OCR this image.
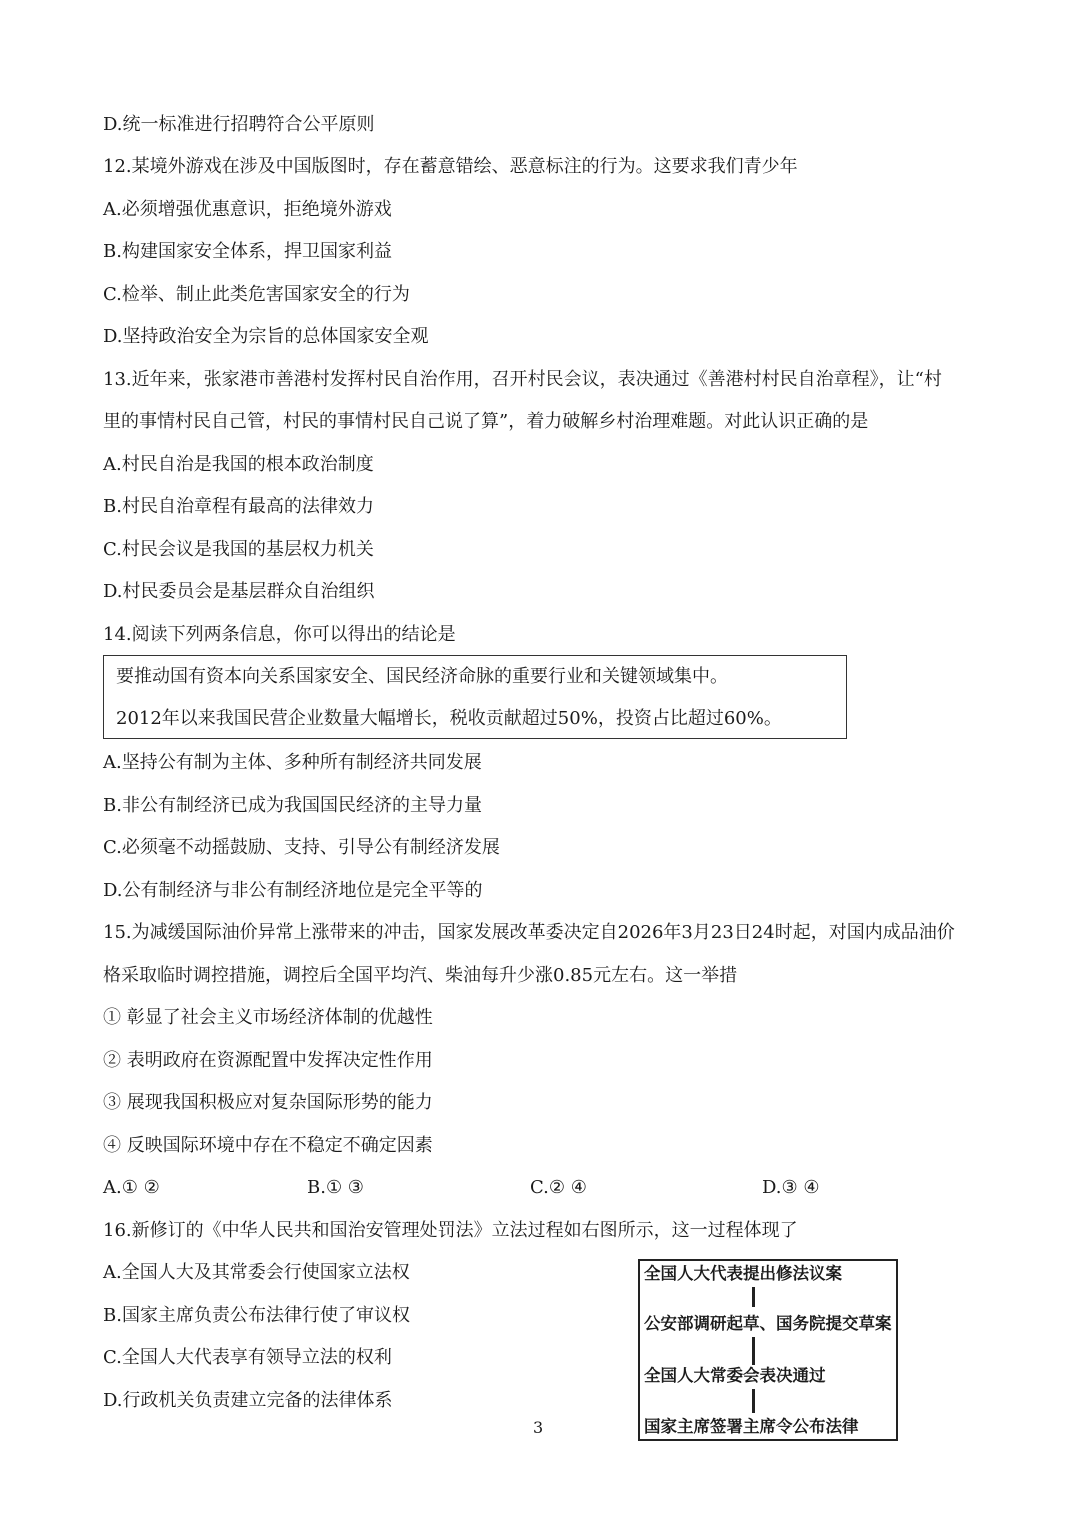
D.统一标准进行招聘符合公平原则
12.某境外游戏在涉及中国版图时，存在蓄意错绘、恶意标注的行为。这要求我们青少年
A.必须增强优惠意识，拒绝境外游戏
B.构建国家安全体系，捍卫国家利益
C.检举、制止此类危害国家安全的行为
D.坚持政治安全为宗旨的总体国家安全观
13.近年来，张家港市善港村发挥村民自治作用，召开村民会议，表决通过《善港村村民自治章程》，让“村
里的事情村民自己管，村民的事情村民自己说了算”，着力破解乡村治理难题。对此认识正确的是
A.村民自治是我国的根本政治制度
B.村民自治章程有最高的法律效力
C.村民会议是我国的基层权力机关
D.村民委员会是基层群众自治组织
14.阅读下列两条信息，你可以得出的结论是
要推动国有资本向关系国家安全、国民经济命脉的重要行业和关键领域集中。
2012年以来我国民营企业数量大幅增长，税收贡献超过50%，投资占比超过60%。
A.坚持公有制为主体、多种所有制经济共同发展
B.非公有制经济已成为我国国民经济的主导力量
C.必须毫不动摇鼓励、支持、引导公有制经济发展
D.公有制经济与非公有制经济地位是完全平等的
15.为减缓国际油价异常上涨带来的冲击，国家发展改革委决定自2026年3月23日24时起，对国内成品油价
格采取临时调控措施，调控后全国平均汽、柴油每升少涨0.85元左右。这一举措
① 彰显了社会主义市场经济体制的优越性
② 表明政府在资源配置中发挥决定性作用
③ 展现我国积极应对复杂国际形势的能力
④ 反映国际环境中存在不稳定不确定因素
A.① ②	B.① ③	C.② ④	D.③ ④
16.新修订的《中华人民共和国治安管理处罚法》立法过程如右图所示，这一过程体现了
A.全国人大及其常委会行使国家立法权
B.国家主席负责公布法律行使了审议权
C.全国人大代表享有领导立法的权利
D.行政机关负责建立完备的法律体系
全国人大代表提出修法议案
公安部调研起草、国务院提交草案
全国人大常委会表决通过
国家主席签署主席令公布法律
3
